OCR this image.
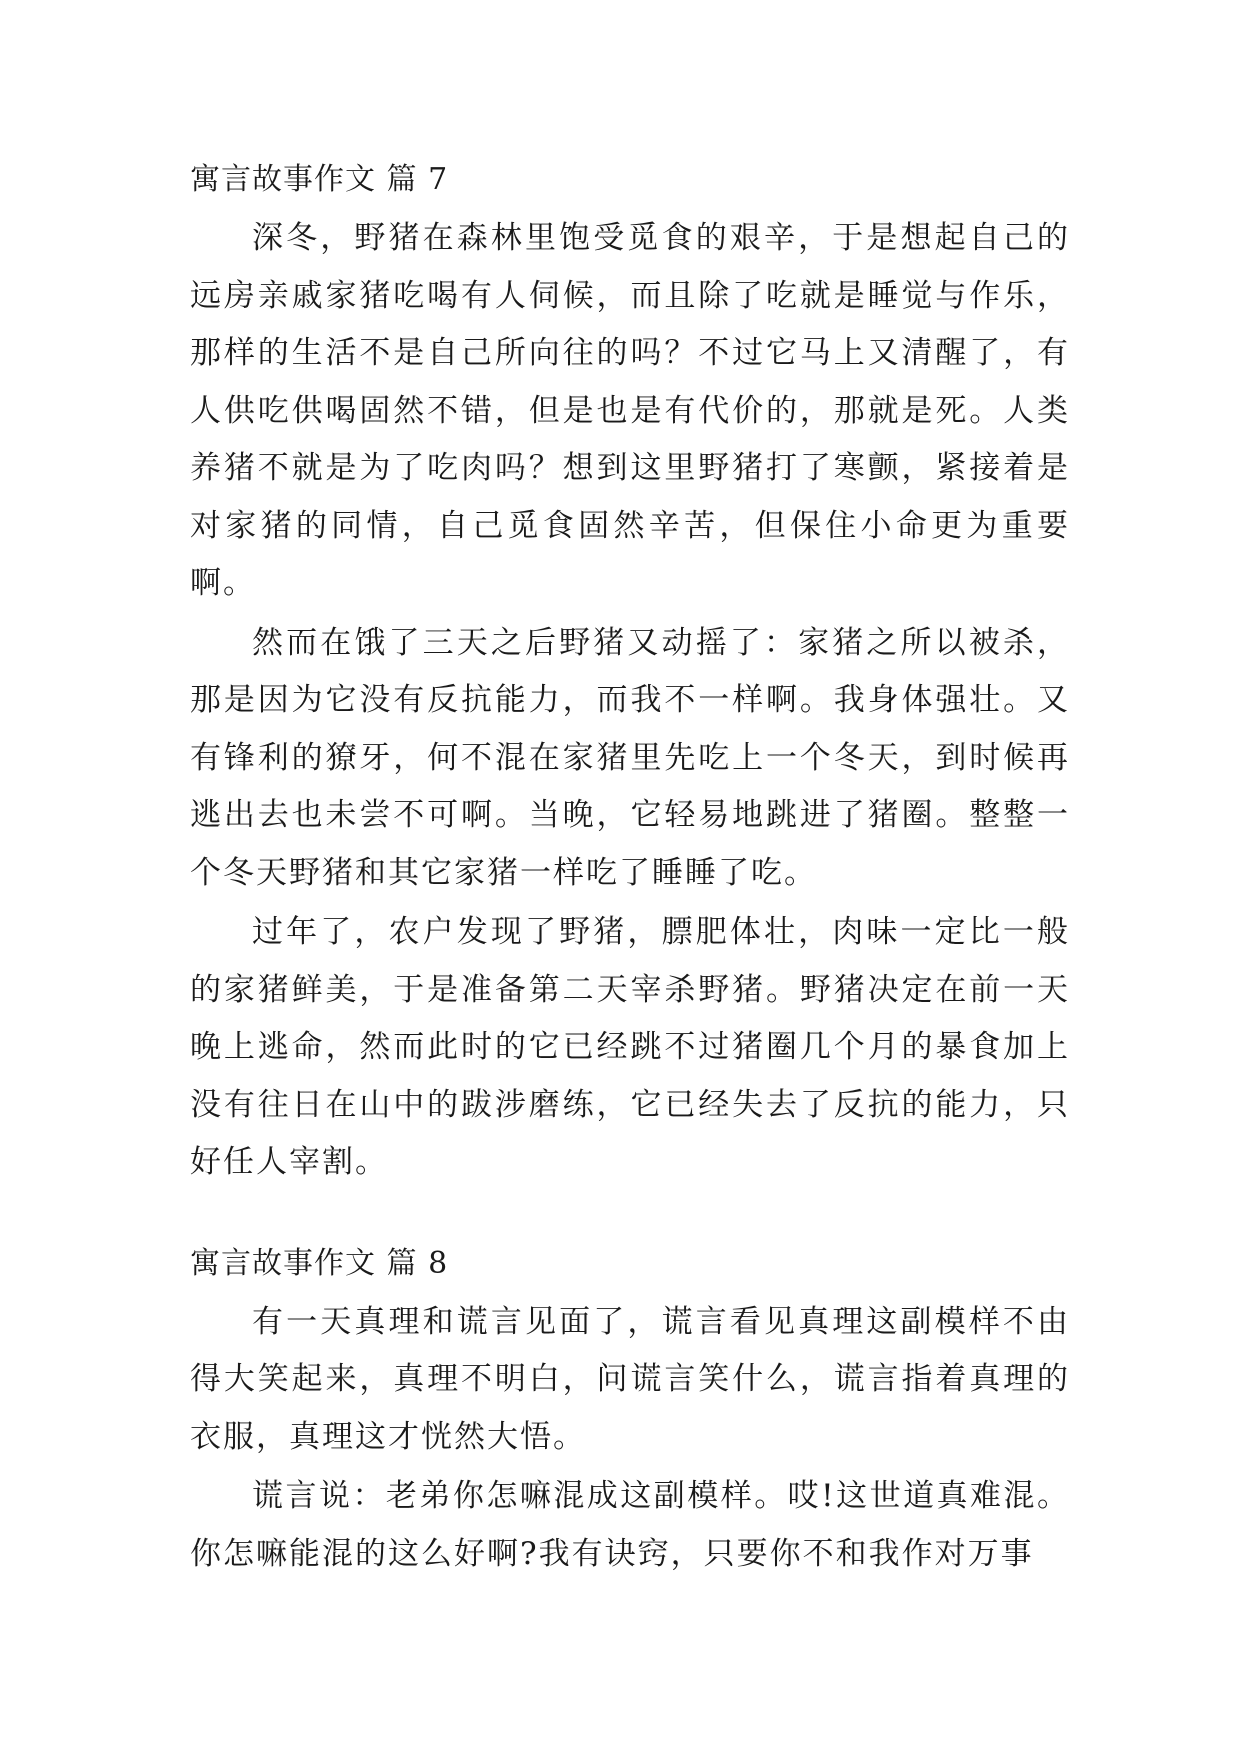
寓言故事作文 篇 7

深冬，野猪在森林里饱受觅食的艰辛，于是想起自己的远房亲戚家猪吃喝有人伺候，而且除了吃就是睡觉与作乐，那样的生活不是自己所向往的吗？不过它马上又清醒了，有人供吃供喝固然不错，但是也是有代价的，那就是死。人类养猪不就是为了吃肉吗？想到这里野猪打了寒颤，紧接着是对家猪的同情，自己觅食固然辛苦，但保住小命更为重要啊。

然而在饿了三天之后野猪又动摇了：家猪之所以被杀，那是因为它没有反抗能力，而我不一样啊。我身体强壮。又有锋利的獠牙，何不混在家猪里先吃上一个冬天，到时候再逃出去也未尝不可啊。当晚，它轻易地跳进了猪圈。整整一个冬天野猪和其它家猪一样吃了睡睡了吃。

过年了，农户发现了野猪，膘肥体壮，肉味一定比一般的家猪鲜美，于是准备第二天宰杀野猪。野猪决定在前一天晚上逃命，然而此时的它已经跳不过猪圈几个月的暴食加上没有往日在山中的跋涉磨练，它已经失去了反抗的能力，只好任人宰割。

寓言故事作文 篇 8

有一天真理和谎言见面了，谎言看见真理这副模样不由得大笑起来，真理不明白，问谎言笑什么，谎言指着真理的衣服，真理这才恍然大悟。

谎言说：老弟你怎嘛混成这副模样。哎!这世道真难混。你怎嘛能混的这么好啊?我有诀窍，只要你不和我作对万事
